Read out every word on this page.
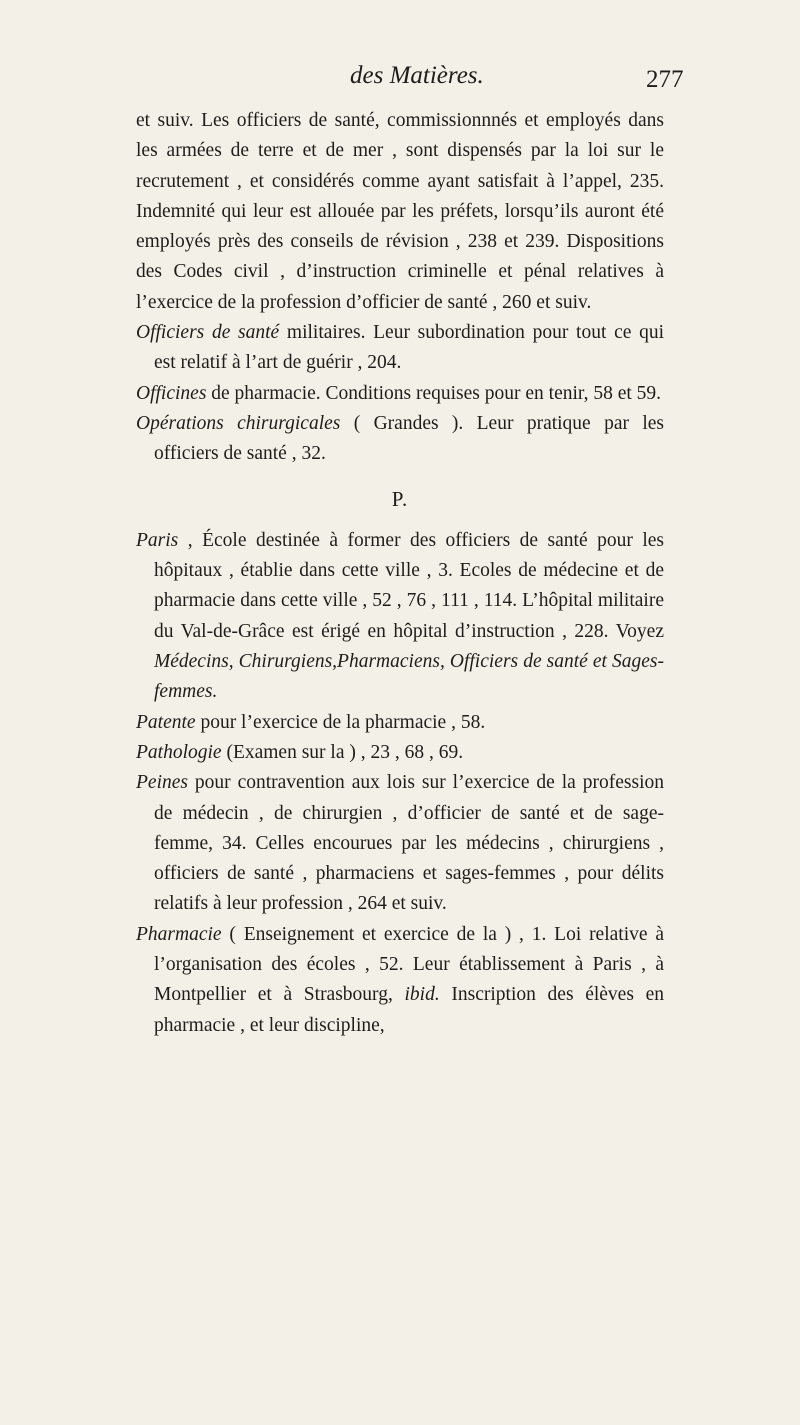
des Matières.	277

et suiv. Les officiers de santé, commissionnnés et employés dans les armées de terre et de mer , sont dispensés par la loi sur le recrutement , et considérés comme ayant satisfait à l’appel, 235. Indemnité qui leur est allouée par les préfets, lorsqu’ils auront été employés près des conseils de révision , 238 et 239. Dispositions des Codes civil , d’instruction criminelle et pénal relatives à l’exercice de la profession d’officier de santé , 260 et suiv.

Officiers de santé militaires. Leur subordination pour tout ce qui est relatif à l’art de guérir , 204.

Officines de pharmacie. Conditions requises pour en tenir, 58 et 59.

Opérations chirurgicales ( Grandes ). Leur pratique par les officiers de santé , 32.

P.

Paris , École destinée à former des officiers de santé pour les hôpitaux , établie dans cette ville , 3. Ecoles de médecine et de pharmacie dans cette ville , 52 , 76 , 111 , 114. L’hôpital militaire du Val-de-Grâce est érigé en hôpital d’instruction , 228. Voyez Médecins, Chirurgiens,Pharmaciens, Officiers de santé et Sages-femmes.

Patente pour l’exercice de la pharmacie , 58.

Pathologie (Examen sur la ) , 23 , 68 , 69.

Peines pour contravention aux lois sur l’exercice de la profession de médecin , de chirurgien , d’officier de santé et de sage-femme, 34. Celles encourues par les médecins , chirurgiens , officiers de santé , pharmaciens et sages-femmes , pour délits relatifs à leur profession , 264 et suiv.

Pharmacie ( Enseignement et exercice de la ) , 1. Loi relative à l’organisation des écoles , 52. Leur établissement à Paris , à Montpellier et à Strasbourg, ibid. Inscription des élèves en pharmacie , et leur discipline,
